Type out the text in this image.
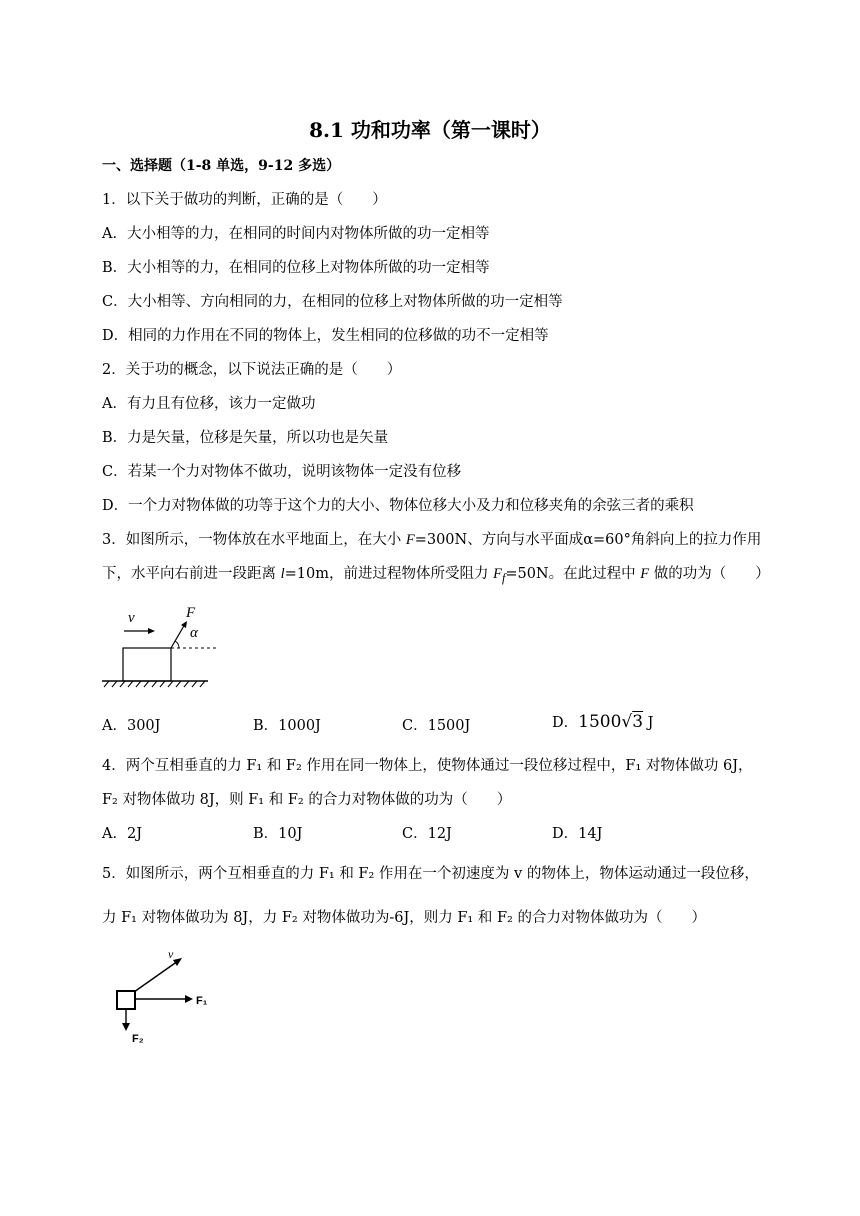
8.1 功和功率（第一课时）
一、选择题（1-8 单选，9-12 多选）
1．以下关于做功的判断，正确的是（　　）
A．大小相等的力，在相同的时间内对物体所做的功一定相等
B．大小相等的力，在相同的位移上对物体所做的功一定相等
C．大小相等、方向相同的力，在相同的位移上对物体所做的功一定相等
D．相同的力作用在不同的物体上，发生相同的位移做的功不一定相等
2．关于功的概念，以下说法正确的是（　　）
A．有力且有位移，该力一定做功
B．力是矢量，位移是矢量，所以功也是矢量
C．若某一个力对物体不做功，说明该物体一定没有位移
D．一个力对物体做的功等于这个力的大小、物体位移大小及力和位移夹角的余弦三者的乘积
3．如图所示，一物体放在水平地面上，在大小 F=300N、方向与水平面成α=60°角斜向上的拉力作用
下，水平向右前进一段距离 l=10m，前进过程物体所受阻力 $F_f=50N$。在此过程中 F 做的功为（　　）
v	F
α
A．300J	B．1000J	C．1500J	D．1500√3 J
4．两个互相垂直的力 F₁ 和 F₂ 作用在同一物体上，使物体通过一段位移过程中，F₁ 对物体做功 6J，
F₂ 对物体做功 8J，则 F₁ 和 F₂ 的合力对物体做的功为（　　）
A．2J	B．10J	C．12J	D．14J
5．如图所示，两个互相垂直的力 F₁ 和 F₂ 作用在一个初速度为 v 的物体上，物体运动通过一段位移，
力 F₁ 对物体做功为 8J，力 F₂ 对物体做功为-6J，则力 F₁ 和 F₂ 的合力对物体做功为（　　）
v
F₁
F₂
